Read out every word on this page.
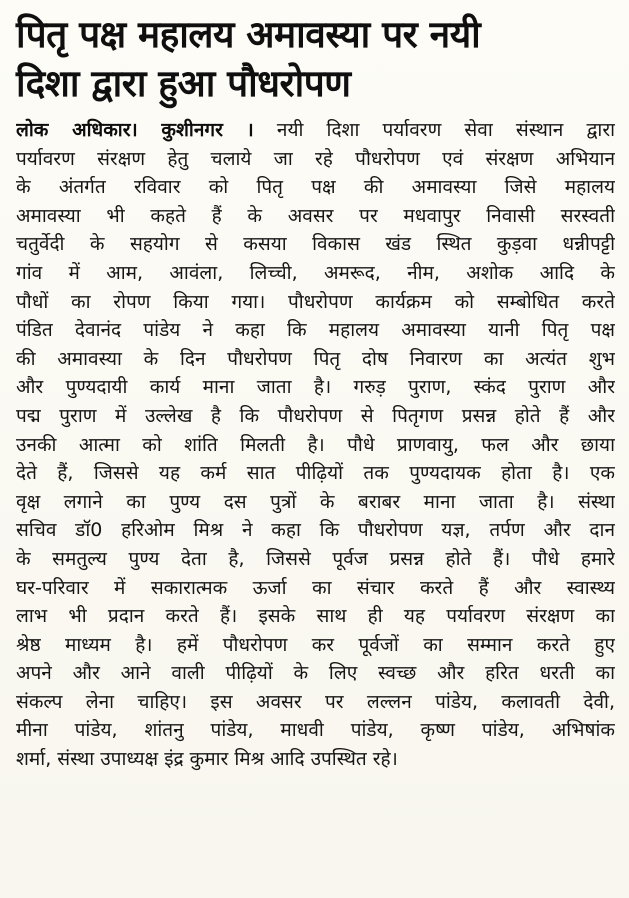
पितृ पक्ष महालय अमावस्या पर नयी
दिशा द्वारा हुआ पौधरोपण
लोक अधिकार। कुशीनगर । नयी दिशा पर्यावरण सेवा संस्थान द्वारा
पर्यावरण संरक्षण हेतु चलाये जा रहे पौधरोपण एवं संरक्षण अभियान
के अंतर्गत रविवार को पितृ पक्ष की अमावस्या जिसे महालय
अमावस्या भी कहते हैं के अवसर पर मधवापुर निवासी सरस्वती
चतुर्वेदी के सहयोग से कसया विकास खंड स्थित कुड़वा धन्नीपट्टी
गांव में आम, आवंला, लिच्ची, अमरूद, नीम, अशोक आदि के
पौधों का रोपण किया गया। पौधरोपण कार्यक्रम को सम्बोधित करते
पंडित देवानंद पांडेय ने कहा कि महालय अमावस्या यानी पितृ पक्ष
की अमावस्या के दिन पौधरोपण पितृ दोष निवारण का अत्यंत शुभ
और पुण्यदायी कार्य माना जाता है। गरुड़ पुराण, स्कंद पुराण और
पद्म पुराण में उल्लेख है कि पौधरोपण से पितृगण प्रसन्न होते हैं और
उनकी आत्मा को शांति मिलती है। पौधे प्राणवायु, फल और छाया
देते हैं, जिससे यह कर्म सात पीढ़ियों तक पुण्यदायक होता है। एक
वृक्ष लगाने का पुण्य दस पुत्रों के बराबर माना जाता है। संस्था
सचिव डॉ0 हरिओम मिश्र ने कहा कि पौधरोपण यज्ञ, तर्पण और दान
के समतुल्य पुण्य देता है, जिससे पूर्वज प्रसन्न होते हैं। पौधे हमारे
घर-परिवार में सकारात्मक ऊर्जा का संचार करते हैं और स्वास्थ्य
लाभ भी प्रदान करते हैं। इसके साथ ही यह पर्यावरण संरक्षण का
श्रेष्ठ माध्यम है। हमें पौधरोपण कर पूर्वजों का सम्मान करते हुए
अपने और आने वाली पीढ़ियों के लिए स्वच्छ और हरित धरती का
संकल्प लेना चाहिए। इस अवसर पर लल्लन पांडेय, कलावती देवी,
मीना पांडेय, शांतनु पांडेय, माधवी पांडेय, कृष्ण पांडेय, अभिषांक
शर्मा, संस्था उपाध्यक्ष इंद्र कुमार मिश्र आदि उपस्थित रहे।
